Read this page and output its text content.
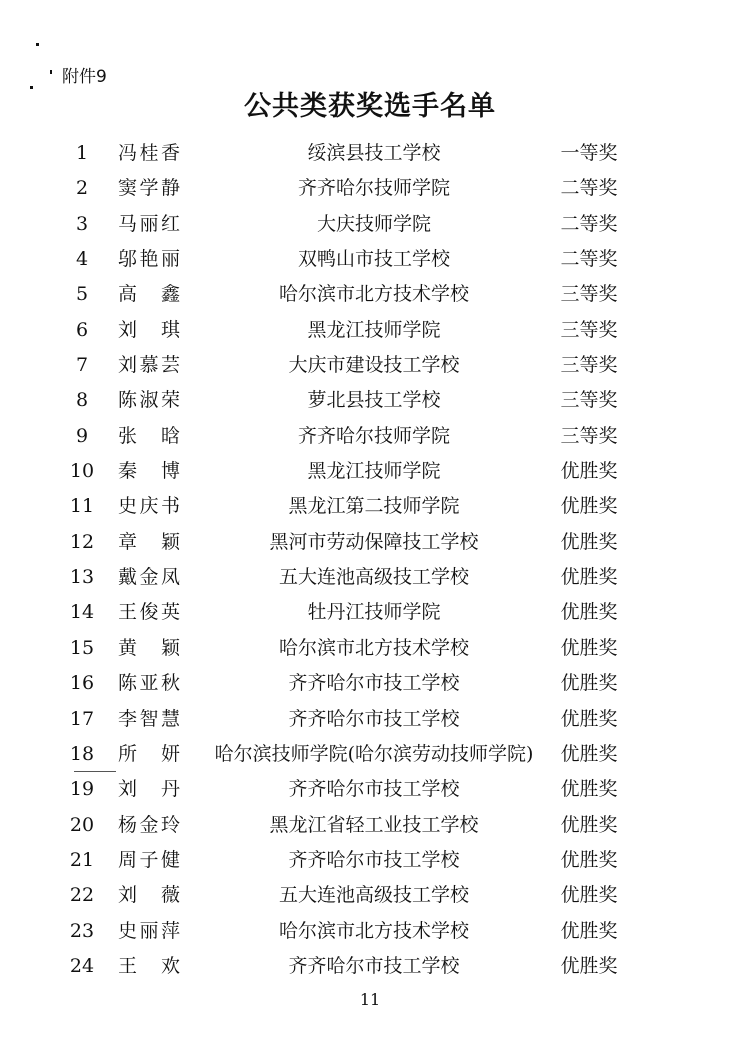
附件9
公共类获奖选手名单
1	冯桂香	绥滨县技工学校	一等奖
2	窦学静	齐齐哈尔技师学院	二等奖
3	马丽红	大庆技师学院	二等奖
4	邬艳丽	双鸭山市技工学校	二等奖
5	高鑫	哈尔滨市北方技术学校	三等奖
6	刘琪	黑龙江技师学院	三等奖
7	刘慕芸	大庆市建设技工学校	三等奖
8	陈淑荣	萝北县技工学校	三等奖
9	张晗	齐齐哈尔技师学院	三等奖
10	秦博	黑龙江技师学院	优胜奖
11	史庆书	黑龙江第二技师学院	优胜奖
12	章颖	黑河市劳动保障技工学校	优胜奖
13	戴金凤	五大连池高级技工学校	优胜奖
14	王俊英	牡丹江技师学院	优胜奖
15	黄颖	哈尔滨市北方技术学校	优胜奖
16	陈亚秋	齐齐哈尔市技工学校	优胜奖
17	李智慧	齐齐哈尔市技工学校	优胜奖
18	所妍	哈尔滨技师学院(哈尔滨劳动技师学院)	优胜奖
19	刘丹	齐齐哈尔市技工学校	优胜奖
20	杨金玲	黑龙江省轻工业技工学校	优胜奖
21	周子健	齐齐哈尔市技工学校	优胜奖
22	刘薇	五大连池高级技工学校	优胜奖
23	史丽萍	哈尔滨市北方技术学校	优胜奖
24	王欢	齐齐哈尔市技工学校	优胜奖
11
